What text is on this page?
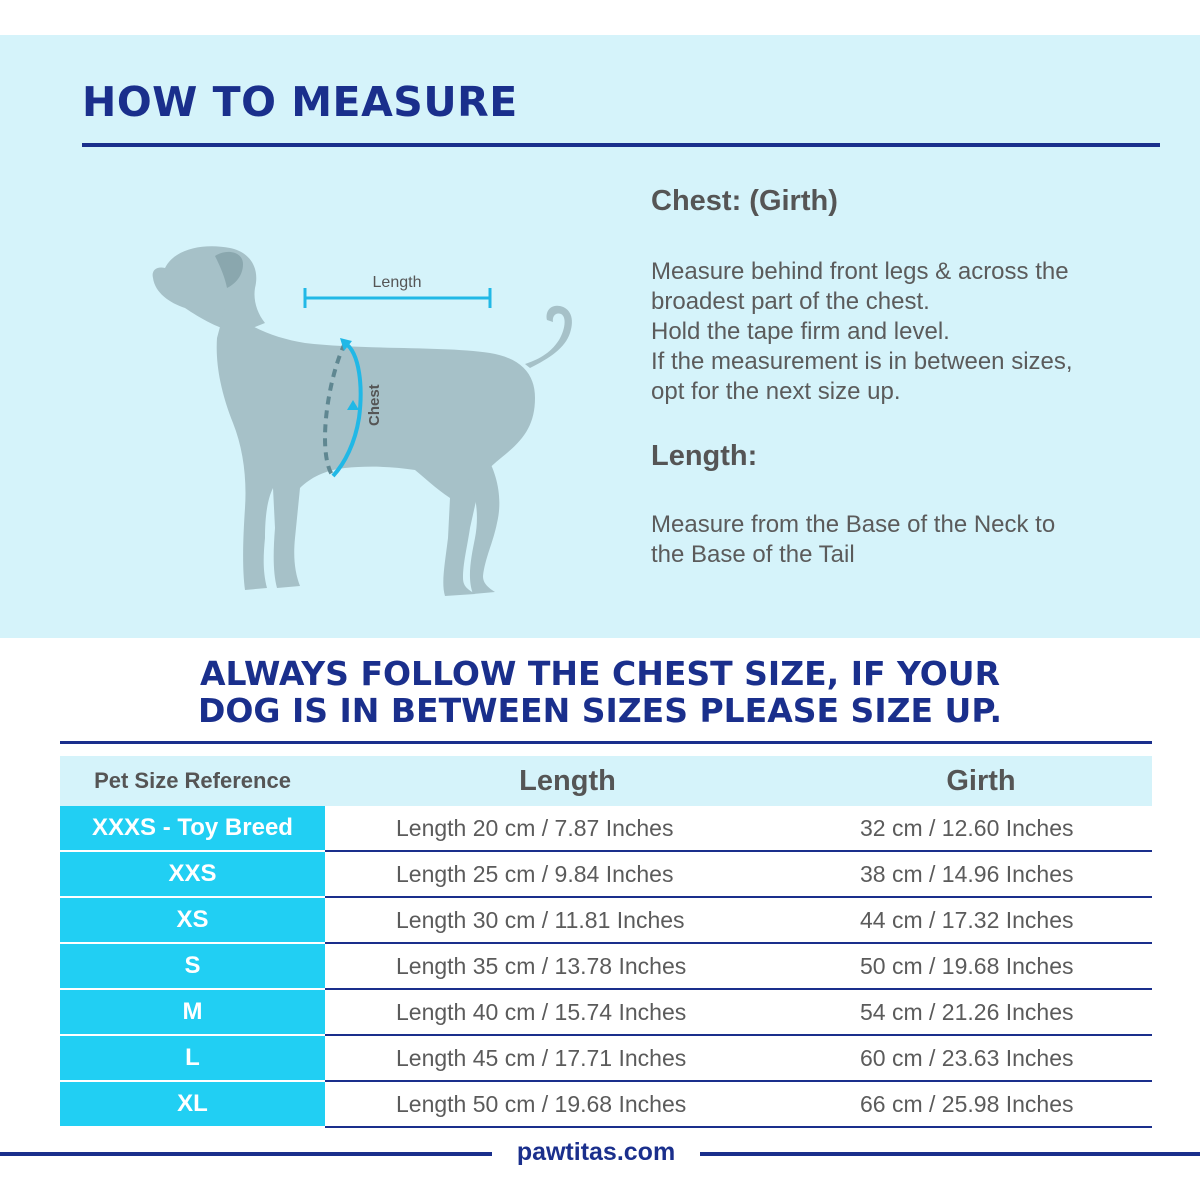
HOW TO MEASURE
Length
Chest
Chest: (Girth)
Measure behind front legs & across the
broadest part of the chest.
Hold the tape firm and level.
If the measurement is in between sizes,
opt for the next size up.
Length:
Measure from the Base of the Neck to
the Base of the Tail
ALWAYS FOLLOW THE CHEST SIZE, IF YOUR
DOG IS IN BETWEEN SIZES PLEASE SIZE UP.
Pet Size Reference	Length	Girth
XXXS - Toy Breed	Length 20 cm / 7.87 Inches	32 cm / 12.60 Inches
XXS	Length 25 cm / 9.84 Inches	38 cm / 14.96 Inches
XS	Length 30 cm / 11.81 Inches	44 cm / 17.32 Inches
S	Length 35 cm / 13.78 Inches	50 cm / 19.68 Inches
M	Length 40 cm / 15.74 Inches	54 cm / 21.26 Inches
L	Length 45 cm / 17.71 Inches	60 cm / 23.63 Inches
XL	Length 50 cm / 19.68 Inches	66 cm / 25.98 Inches
pawtitas.com
